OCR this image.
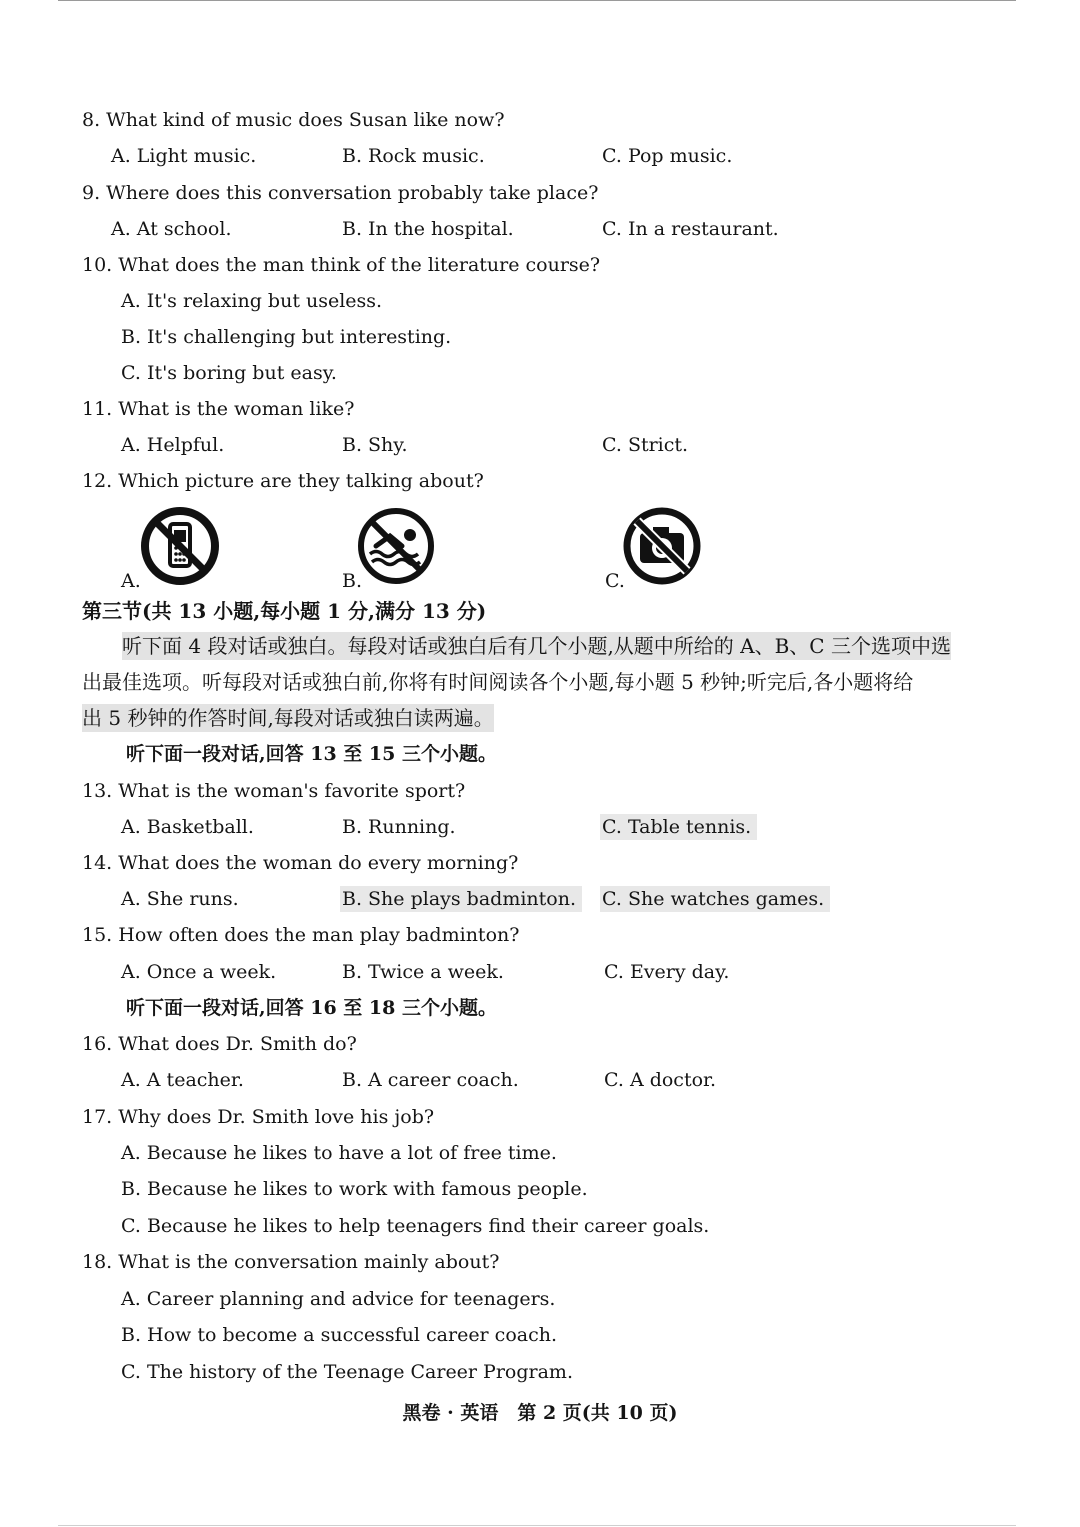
8. What kind of music does Susan like now?
A. Light music.	B. Rock music.	C. Pop music.
9. Where does this conversation probably take place?
A. At school.	B. In the hospital.	C. In a restaurant.
10. What does the man think of the literature course?
A. It's relaxing but useless.
B. It's challenging but interesting.
C. It's boring but easy.
11. What is the woman like?
A. Helpful.	B. Shy.	C. Strict.
12. Which picture are they talking about?
A.	B.	C.
第三节(共 13 小题,每小题 1 分,满分 13 分)
听下面 4 段对话或独白。每段对话或独白后有几个小题,从题中所给的 A、B、C 三个选项中选
出最佳选项。听每段对话或独白前,你将有时间阅读各个小题,每小题 5 秒钟;听完后,各小题将给
出 5 秒钟的作答时间,每段对话或独白读两遍。
听下面一段对话,回答 13 至 15 三个小题。
13. What is the woman's favorite sport?
A. Basketball.	B. Running.	C. Table tennis.
14. What does the woman do every morning?
A. She runs.	B. She plays badminton.	C. She watches games.
15. How often does the man play badminton?
A. Once a week.	B. Twice a week.	C. Every day.
听下面一段对话,回答 16 至 18 三个小题。
16. What does Dr. Smith do?
A. A teacher.	B. A career coach.	C. A doctor.
17. Why does Dr. Smith love his job?
A. Because he likes to have a lot of free time.
B. Because he likes to work with famous people.
C. Because he likes to help teenagers find their career goals.
18. What is the conversation mainly about?
A. Career planning and advice for teenagers.
B. How to become a successful career coach.
C. The history of the Teenage Career Program.
黑卷 · 英语　第 2 页(共 10 页)
